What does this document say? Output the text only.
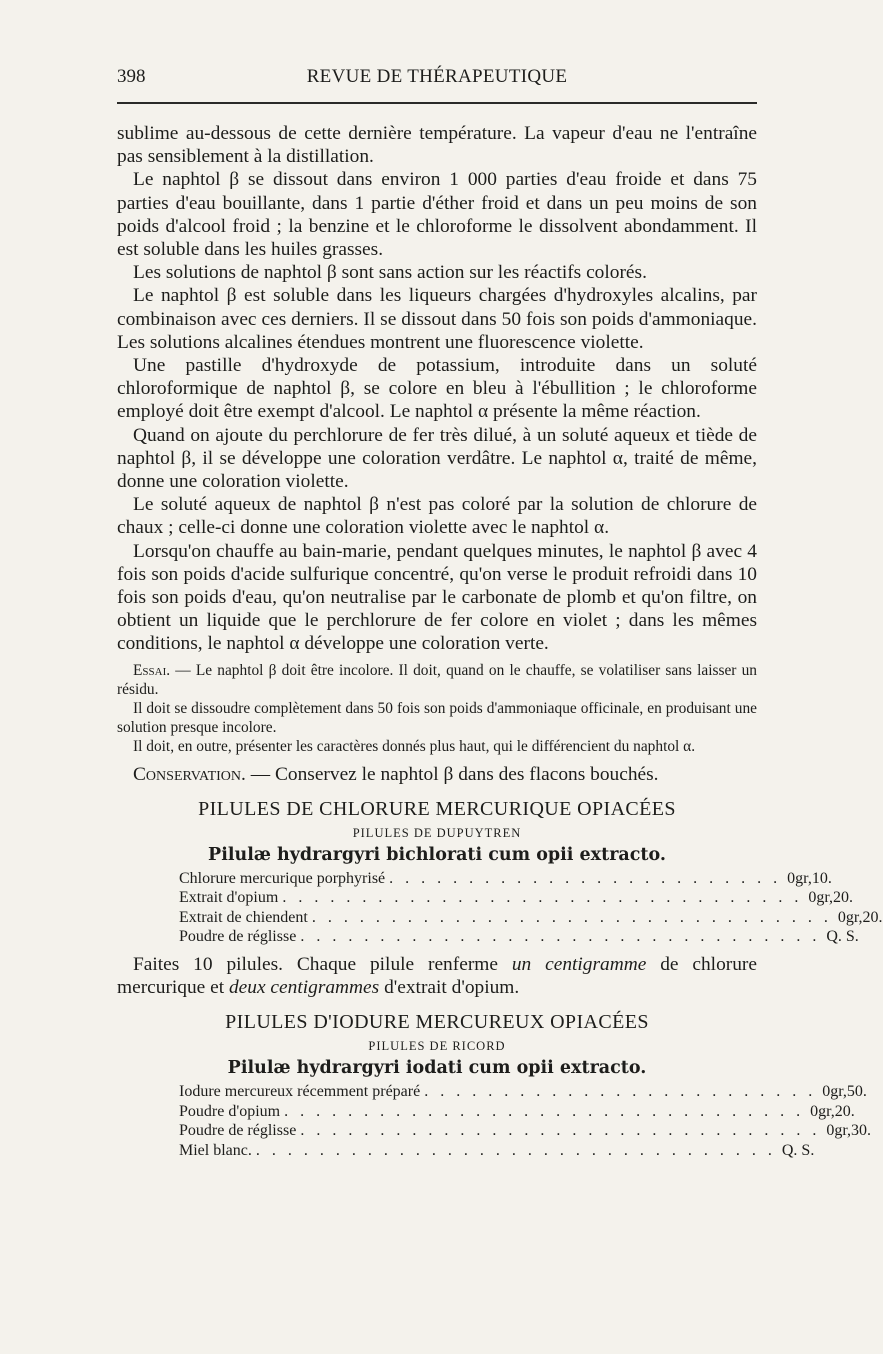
398	REVUE DE THÉRAPEUTIQUE

sublime au-dessous de cette dernière température. La vapeur d'eau ne l'entraîne pas sensiblement à la distillation.

Le naphtol β se dissout dans environ 1 000 parties d'eau froide et dans 75 parties d'eau bouillante, dans 1 partie d'éther froid et dans un peu moins de son poids d'alcool froid ; la benzine et le chloroforme le dissolvent abondamment. Il est soluble dans les huiles grasses.

Les solutions de naphtol β sont sans action sur les réactifs colorés.

Le naphtol β est soluble dans les liqueurs chargées d'hydroxyles alcalins, par combinaison avec ces derniers. Il se dissout dans 50 fois son poids d'ammoniaque. Les solutions alcalines étendues montrent une fluorescence violette.

Une pastille d'hydroxyde de potassium, introduite dans un soluté chloroformique de naphtol β, se colore en bleu à l'ébullition ; le chloroforme employé doit être exempt d'alcool. Le naphtol α présente la même réaction.

Quand on ajoute du perchlorure de fer très dilué, à un soluté aqueux et tiède de naphtol β, il se développe une coloration verdâtre. Le naphtol α, traité de même, donne une coloration violette.

Le soluté aqueux de naphtol β n'est pas coloré par la solution de chlorure de chaux ; celle-ci donne une coloration violette avec le naphtol α.

Lorsqu'on chauffe au bain-marie, pendant quelques minutes, le naphtol β avec 4 fois son poids d'acide sulfurique concentré, qu'on verse le produit refroidi dans 10 fois son poids d'eau, qu'on neutralise par le carbonate de plomb et qu'on filtre, on obtient un liquide que le perchlorure de fer colore en violet ; dans les mêmes conditions, le naphtol α développe une coloration verte.

Essai. — Le naphtol β doit être incolore. Il doit, quand on le chauffe, se volatiliser sans laisser un résidu.

Il doit se dissoudre complètement dans 50 fois son poids d'ammoniaque officinale, en produisant une solution presque incolore.

Il doit, en outre, présenter les caractères donnés plus haut, qui le différencient du naphtol α.

Conservation. — Conservez le naphtol β dans des flacons bouchés.

PILULES DE CHLORURE MERCURIQUE OPIACÉES
PILULES DE DUPUYTREN
Pilulæ hydrargyri bichlorati cum opii extracto.
Chlorure mercurique porphyrisé . . . . . . . . . . . . . . . . . . . . . . . . . 0gr,10.
Extrait d'opium . . . . . . . . . . . . . . . . . . . . . . . . . . . . . . . . . 0gr,20.
Extrait de chiendent . . . . . . . . . . . . . . . . . . . . . . . . . . . . . . . . . 0gr,20.
Poudre de réglisse . . . . . . . . . . . . . . . . . . . . . . . . . . . . . . . . . Q. S.

Faites 10 pilules. Chaque pilule renferme un centigramme de chlorure mercurique et deux centigrammes d'extrait d'opium.

PILULES D'IODURE MERCUREUX OPIACÉES
PILULES DE RICORD
Pilulæ hydrargyri iodati cum opii extracto.
Iodure mercureux récemment préparé . . . . . . . . . . . . . . . . . . . . . . . . . 0gr,50.
Poudre d'opium . . . . . . . . . . . . . . . . . . . . . . . . . . . . . . . . . 0gr,20.
Poudre de réglisse . . . . . . . . . . . . . . . . . . . . . . . . . . . . . . . . . 0gr,30.
Miel blanc. . . . . . . . . . . . . . . . . . . . . . . . . . . . . . . . . . Q. S.
